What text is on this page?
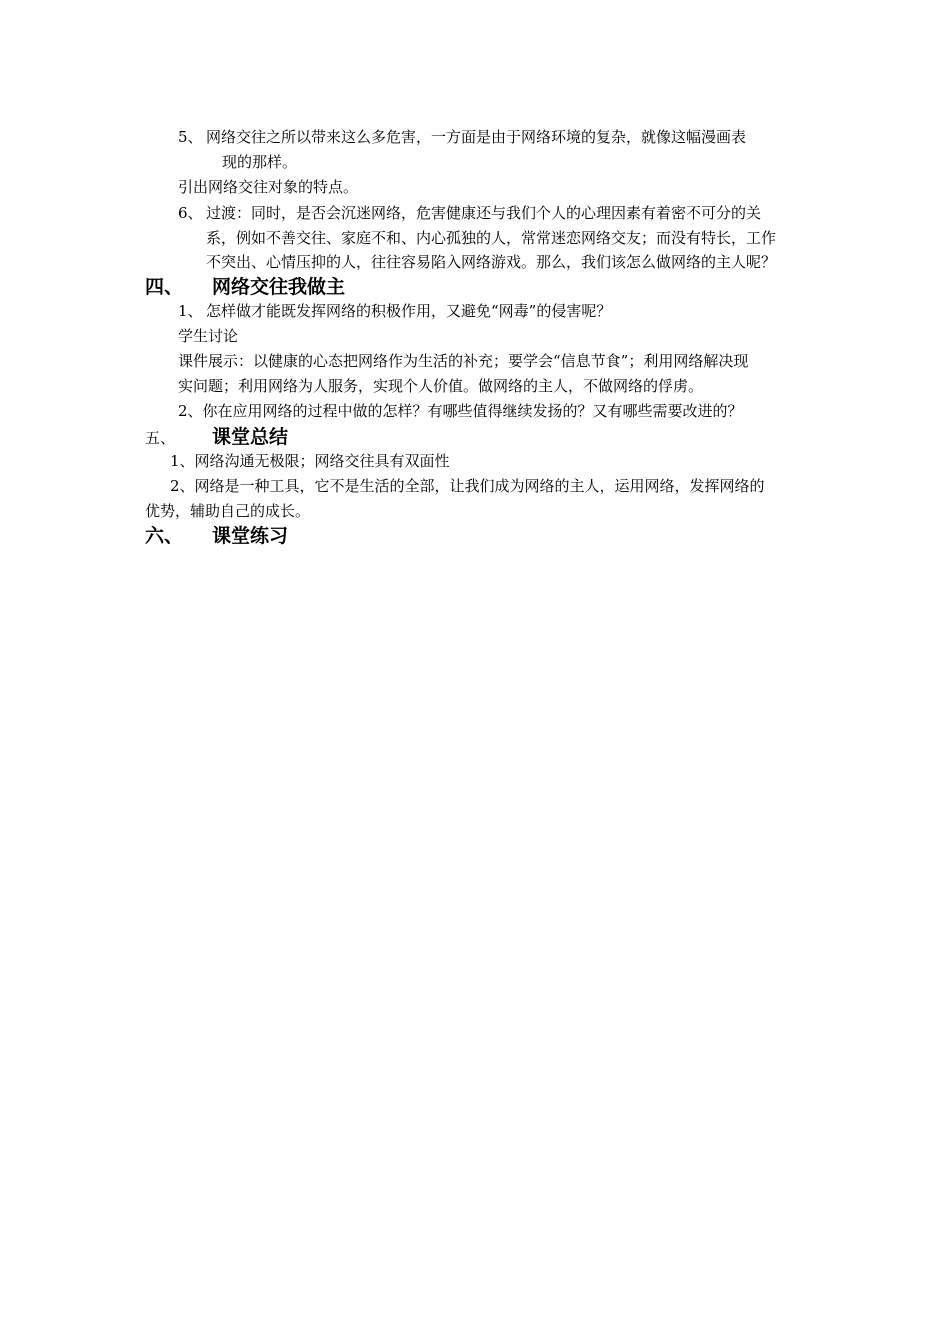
5、 网络交往之所以带来这么多危害，一方面是由于网络环境的复杂，就像这幅漫画表
现的那样。
引出网络交往对象的特点。
6、 过渡：同时，是否会沉迷网络，危害健康还与我们个人的心理因素有着密不可分的关
系，例如不善交往、家庭不和、内心孤独的人，常常迷恋网络交友；而没有特长，工作
不突出、心情压抑的人，往往容易陷入网络游戏。那么，我们该怎么做网络的主人呢？
四、 网络交往我做主
1、 怎样做才能既发挥网络的积极作用，又避免“网毒”的侵害呢？
学生讨论
课件展示：以健康的心态把网络作为生活的补充；要学会“信息节食”；利用网络解决现
实问题；利用网络为人服务，实现个人价值。做网络的主人，不做网络的俘虏。
2、你在应用网络的过程中做的怎样？有哪些值得继续发扬的？又有哪些需要改进的？
五、 课堂总结
1、网络沟通无极限；网络交往具有双面性
2、网络是一种工具，它不是生活的全部，让我们成为网络的主人，运用网络，发挥网络的
优势，辅助自己的成长。
六、 课堂练习
